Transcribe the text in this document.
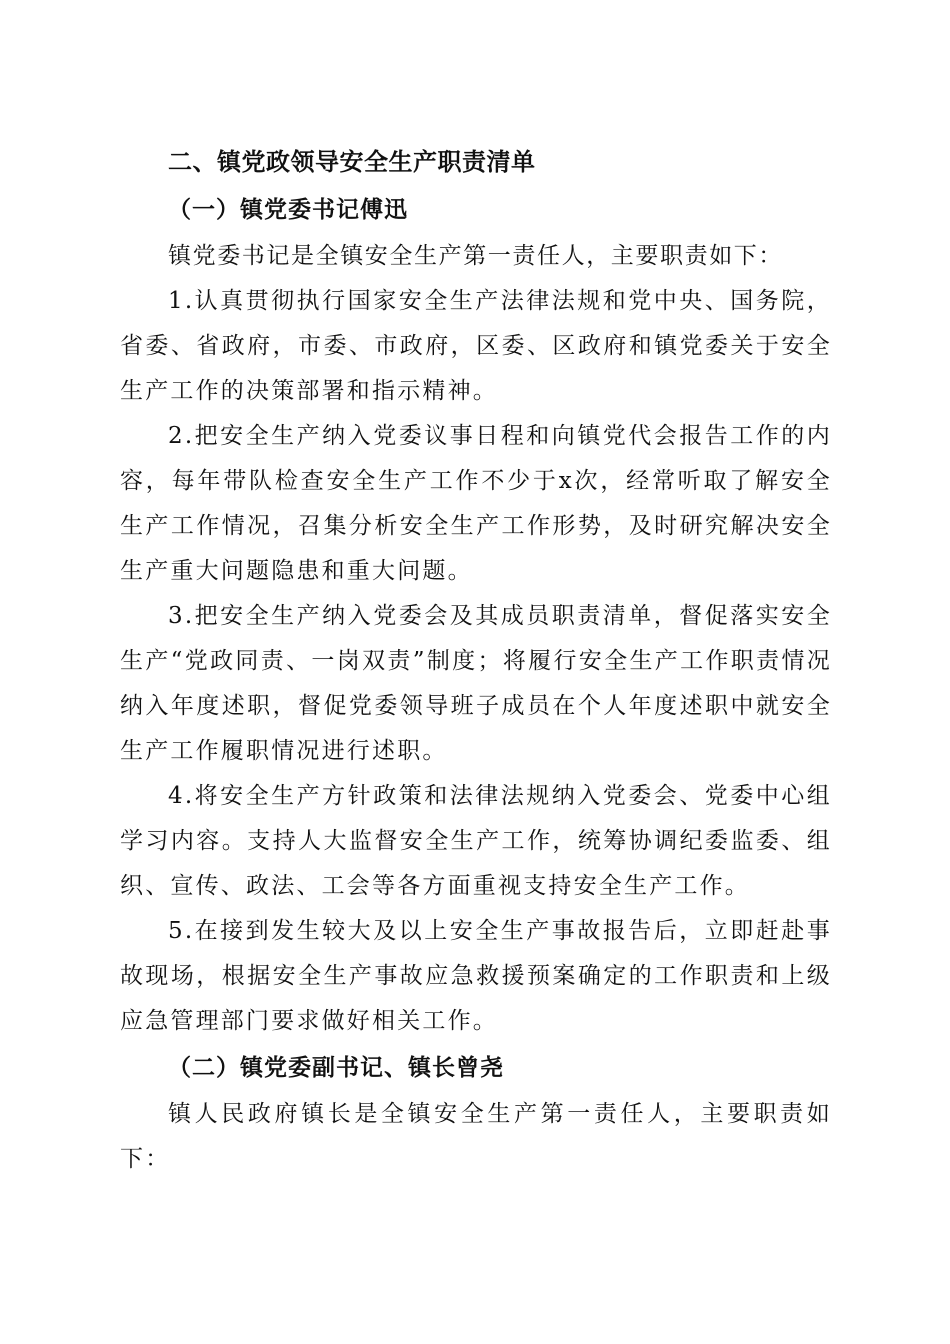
二、镇党政领导安全生产职责清单

（一）镇党委书记傅迅

镇党委书记是全镇安全生产第一责任人，主要职责如下：

1.认真贯彻执行国家安全生产法律法规和党中央、国务院，省委、省政府，市委、市政府，区委、区政府和镇党委关于安全生产工作的决策部署和指示精神。

2.把安全生产纳入党委议事日程和向镇党代会报告工作的内容，每年带队检查安全生产工作不少于x次，经常听取了解安全生产工作情况，召集分析安全生产工作形势，及时研究解决安全生产重大问题隐患和重大问题。

3.把安全生产纳入党委会及其成员职责清单，督促落实安全生产“党政同责、一岗双责”制度；将履行安全生产工作职责情况纳入年度述职，督促党委领导班子成员在个人年度述职中就安全生产工作履职情况进行述职。

4.将安全生产方针政策和法律法规纳入党委会、党委中心组学习内容。支持人大监督安全生产工作，统筹协调纪委监委、组织、宣传、政法、工会等各方面重视支持安全生产工作。

5.在接到发生较大及以上安全生产事故报告后，立即赶赴事故现场，根据安全生产事故应急救援预案确定的工作职责和上级应急管理部门要求做好相关工作。

（二）镇党委副书记、镇长曾尧

镇人民政府镇长是全镇安全生产第一责任人，主要职责如下：
